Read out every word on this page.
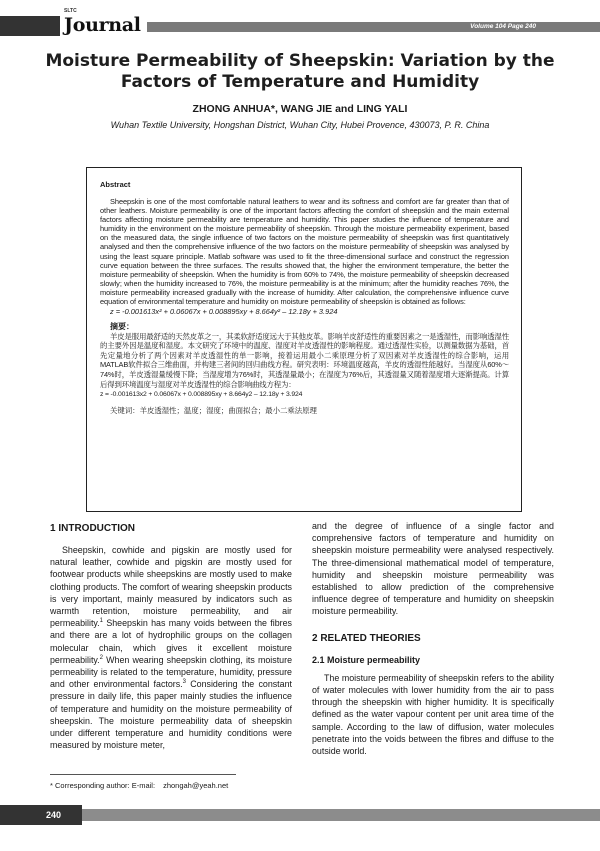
SLTC
Journal	Volume 104 Page 240
Moisture Permeability of Sheepskin: Variation by the Factors of Temperature and Humidity
ZHONG ANHUA*, WANG JIE and LING YALI
Wuhan Textile University, Hongshan District, Wuhan City, Hubei Provence, 430073, P. R. China
Abstract
Sheepskin is one of the most comfortable natural leathers to wear and its softness and comfort are far greater than that of other leathers. Moisture permeability is one of the important factors affecting the comfort of sheepskin and the main external factors affecting moisture permeability are temperature and humidity. This paper studies the influence of temperature and humidity in the environment on the moisture permeability of sheepskin. Through the moisture permeability experiment, based on the measured data, the single influence of two factors on the moisture permeability of sheepskin was first quantitatively analysed and then the comprehensive influence of the two factors on the moisture permeability of sheepskin was analysed by using the least square principle. Matlab software was used to fit the three-dimensional surface and construct the regression curve equation between the three surfaces. The results showed that, the higher the environment temperature, the better the moisture permeability of sheepskin. When the humidity is from 60% to 74%, the moisture permeability of sheepskin decreased slowly; when the humidity increased to 76%, the moisture permeability is at the minimum; after the humidity reaches 76%, the moisture permeability increased gradually with the increase of humidity. After calculation, the comprehensive influence curve equation of environmental temperature and humidity on moisture permeability of sheepskin is obtained as follows:
z = -0.001613x² + 0.06067x + 0.008895xy + 8.664y² – 12.18y + 3.924
摘要：
羊皮是服用最舒适的天然皮革之一，其柔软舒适度远大于其他皮革。影响羊皮舒适性的重要因素之一是透湿性，而影响透湿性的主要外因是温度和湿度。本文研究了环境中的温度、湿度对羊皮透湿性的影响程度。通过透湿性实验，以测量数据为基础，首先定量地分析了两个因素对羊皮透湿性的单一影响，接着运用最小二乘原理分析了双因素对羊皮透湿性的综合影响，运用MATLAB软件拟合三维曲面，并构建三者间的回归曲线方程。研究表明：环境温度越高，羊皮的透湿性能越好。当湿度从60%～74%时，羊皮透湿量缓慢下降；当湿度增为76%时，其透湿量最小；在湿度为76%后，其透湿量又随着湿度增大逐渐提高。计算后得到环境温度与湿度对羊皮透湿性的综合影响曲线方程为：
z = -0.001613x2 + 0.06067x + 0.008895xy + 8.664y2 – 12.18y + 3.924
关键词：羊皮透湿性；温度；湿度；曲面拟合；最小二乘法原理
1 INTRODUCTION
Sheepskin, cowhide and pigskin are mostly used for natural leather, cowhide and pigskin are mostly used for footwear products while sheepskins are mostly used to make clothing products. The comfort of wearing sheepskin products is very important, mainly measured by indicators such as warmth retention, moisture permeability, and air permeability.$^1$ Sheepskin has many voids between the fibres and there are a lot of hydrophilic groups on the collagen molecular chain, which gives it excellent moisture permeability.$^2$ When wearing sheepskin clothing, its moisture permeability is related to the temperature, humidity, pressure and other environmental factors.$^3$ Considering the constant pressure in daily life, this paper mainly studies the influence of temperature and humidity on the moisture permeability of sheepskin. The moisture permeability data of sheepskin under different temperature and humidity conditions were measured by moisture meter,
and the degree of influence of a single factor and comprehensive factors of temperature and humidity on sheepskin moisture permeability were analysed respectively. The three-dimensional mathematical model of temperature, humidity and sheepskin moisture permeability was established to allow prediction of the comprehensive influence degree of temperature and humidity on sheepskin moisture permeability.
2 RELATED THEORIES
2.1 Moisture permeability
The moisture permeability of sheepskin refers to the ability of water molecules with lower humidity from the air to pass through the sheepskin with higher humidity. It is specifically defined as the water vapour content per unit area time of the sample. According to the law of diffusion, water molecules penetrate into the voids between the fibres and diffuse to the outside world.
* Corresponding author: E-mail: zhongah@yeah.net
240
